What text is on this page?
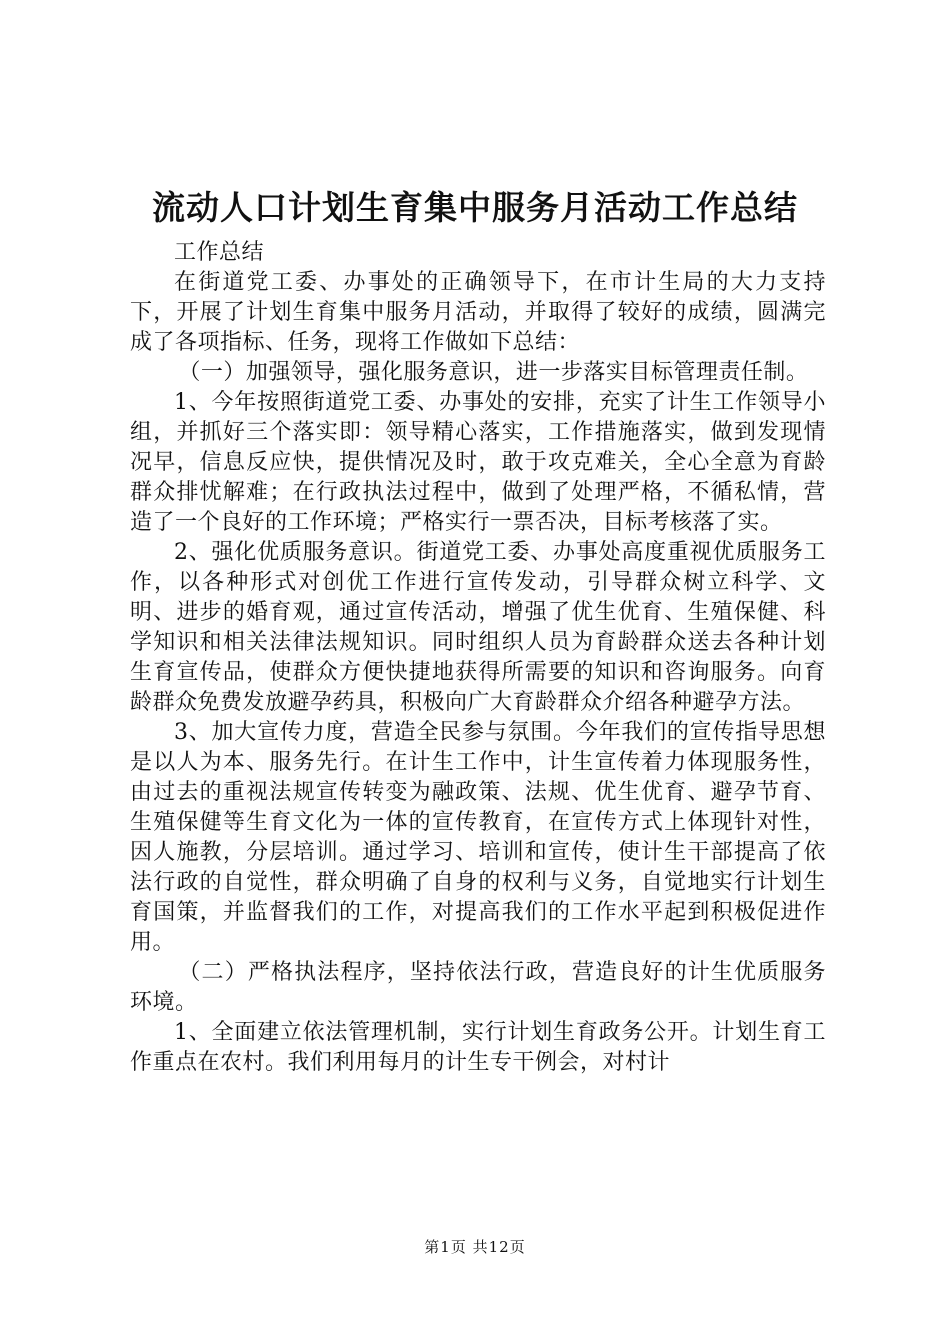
流动人口计划生育集中服务月活动工作总结

工作总结

在街道党工委、办事处的正确领导下，在市计生局的大力支持下，开展了计划生育集中服务月活动，并取得了较好的成绩，圆满完成了各项指标、任务，现将工作做如下总结：

（一）加强领导，强化服务意识，进一步落实目标管理责任制。

1、今年按照街道党工委、办事处的安排，充实了计生工作领导小组，并抓好三个落实即：领导精心落实，工作措施落实，做到发现情况早，信息反应快，提供情况及时，敢于攻克难关，全心全意为育龄群众排忧解难；在行政执法过程中，做到了处理严格，不循私情，营造了一个良好的工作环境；严格实行一票否决，目标考核落了实。

2、强化优质服务意识。街道党工委、办事处高度重视优质服务工作，以各种形式对创优工作进行宣传发动，引导群众树立科学、文明、进步的婚育观，通过宣传活动，增强了优生优育、生殖保健、科学知识和相关法律法规知识。同时组织人员为育龄群众送去各种计划生育宣传品，使群众方便快捷地获得所需要的知识和咨询服务。向育龄群众免费发放避孕药具，积极向广大育龄群众介绍各种避孕方法。

3、加大宣传力度，营造全民参与氛围。今年我们的宣传指导思想是以人为本、服务先行。在计生工作中，计生宣传着力体现服务性，由过去的重视法规宣传转变为融政策、法规、优生优育、避孕节育、生殖保健等生育文化为一体的宣传教育，在宣传方式上体现针对性，因人施教，分层培训。通过学习、培训和宣传，使计生干部提高了依法行政的自觉性，群众明确了自身的权利与义务，自觉地实行计划生育国策，并监督我们的工作，对提高我们的工作水平起到积极促进作用。

（二）严格执法程序，坚持依法行政，营造良好的计生优质服务环境。

1、全面建立依法管理机制，实行计划生育政务公开。计划生育工作重点在农村。我们利用每月的计生专干例会，对村计

第1页 共12页
